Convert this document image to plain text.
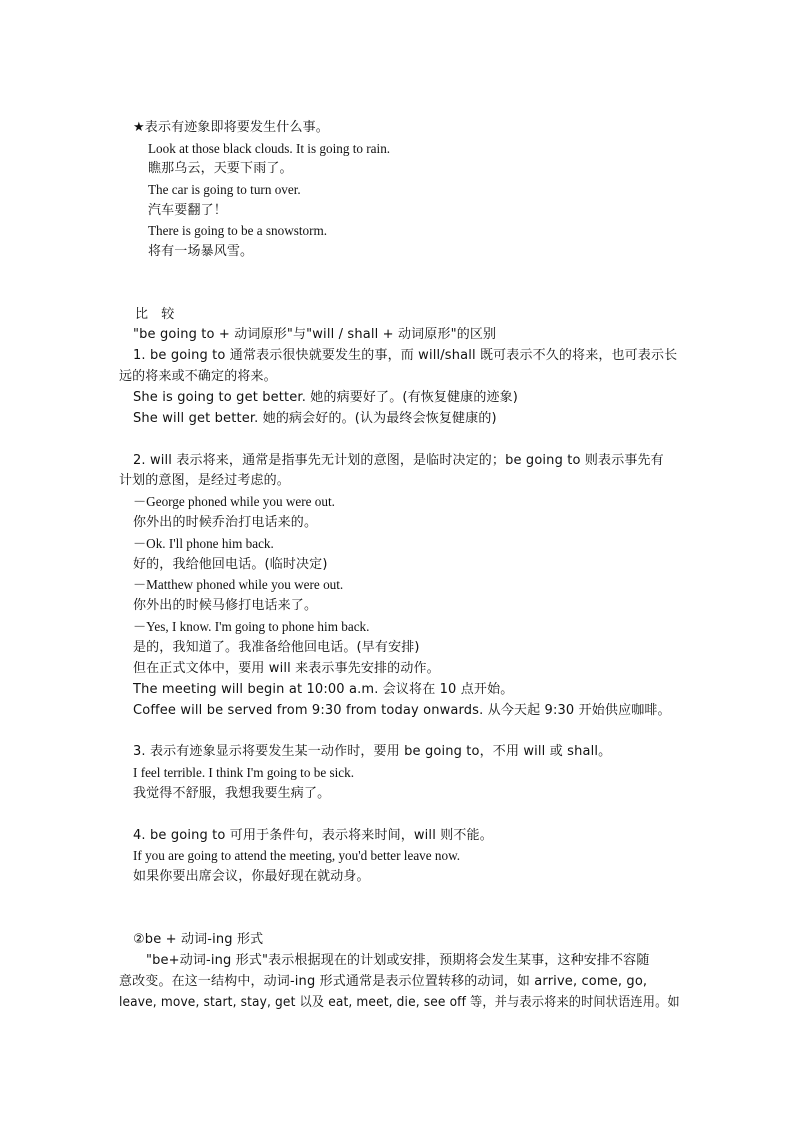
★表示有迹象即将要发生什么事。
Look at those black clouds. It is going to rain.
瞧那乌云，天要下雨了。
The car is going to turn over.
汽车要翻了！
There is going to be a snowstorm.
将有一场暴风雪。
比　较
"be going to + 动词原形"与"will / shall + 动词原形"的区别
1. be going to 通常表示很快就要发生的事，而 will/shall 既可表示不久的将来，也可表示长
远的将来或不确定的将来。
She is going to get better. 她的病要好了。(有恢复健康的迹象)
She will get better. 她的病会好的。(认为最终会恢复健康的)
2. will 表示将来，通常是指事先无计划的意图，是临时决定的；be going to 则表示事先有
计划的意图，是经过考虑的。
－George phoned while you were out.
你外出的时候乔治打电话来的。
－Ok. I'll phone him back.
好的，我给他回电话。(临时决定)
－Matthew phoned while you were out.
你外出的时候马修打电话来了。
－Yes, I know. I'm going to phone him back.
是的，我知道了。我准备给他回电话。(早有安排)
但在正式文体中，要用 will 来表示事先安排的动作。
The meeting will begin at 10:00 a.m. 会议将在 10 点开始。
Coffee will be served from 9:30 from today onwards. 从今天起 9:30 开始供应咖啡。
3. 表示有迹象显示将要发生某一动作时，要用 be going to，不用 will 或 shall。
I feel terrible. I think I'm going to be sick.
我觉得不舒服，我想我要生病了。
4. be going to 可用于条件句，表示将来时间，will 则不能。
If you are going to attend the meeting, you'd better leave now.
如果你要出席会议，你最好现在就动身。
②be + 动词-ing 形式
"be+动词-ing 形式"表示根据现在的计划或安排，预期将会发生某事，这种安排不容随
意改变。在这一结构中，动词-ing 形式通常是表示位置转移的动词，如 arrive, come, go,
leave, move, start, stay, get 以及 eat, meet, die, see off 等，并与表示将来的时间状语连用。如
